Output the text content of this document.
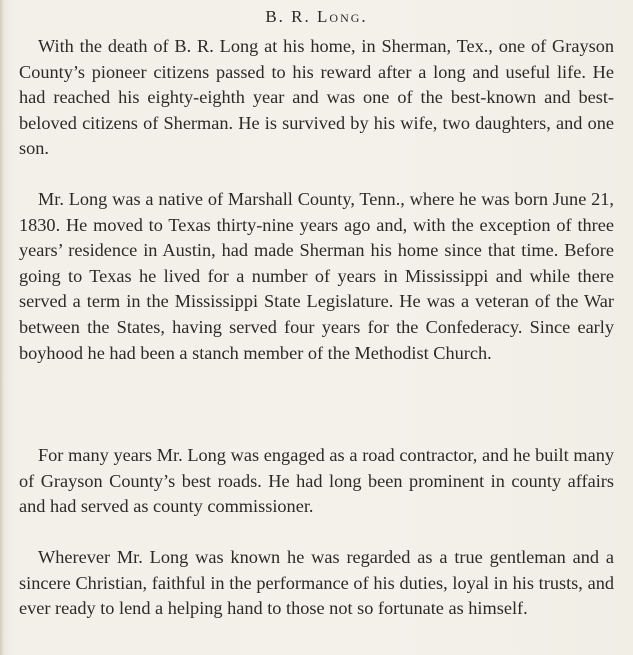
B. R. Long.

With the death of B. R. Long at his home, in Sherman, Tex., one of Grayson County’s pioneer citizens passed to his reward after a long and useful life. He had reached his eighty-eighth year and was one of the best-known and best-beloved citizens of Sherman. He is survived by his wife, two daughters, and one son.

Mr. Long was a native of Marshall County, Tenn., where he was born June 21, 1830. He moved to Texas thirty-nine years ago and, with the exception of three years’ residence in Austin, had made Sherman his home since that time. Before going to Texas he lived for a number of years in Mississippi and while there served a term in the Mississippi State Legislature. He was a veteran of the War between the States, having served four years for the Confederacy. Since early boyhood he had been a stanch member of the Methodist Church.

For many years Mr. Long was engaged as a road contractor, and he built many of Grayson County’s best roads. He had long been prominent in county affairs and had served as county commissioner.

Wherever Mr. Long was known he was regarded as a true gentleman and a sincere Christian, faithful in the performance of his duties, loyal in his trusts, and ever ready to lend a helping hand to those not so fortunate as himself.
